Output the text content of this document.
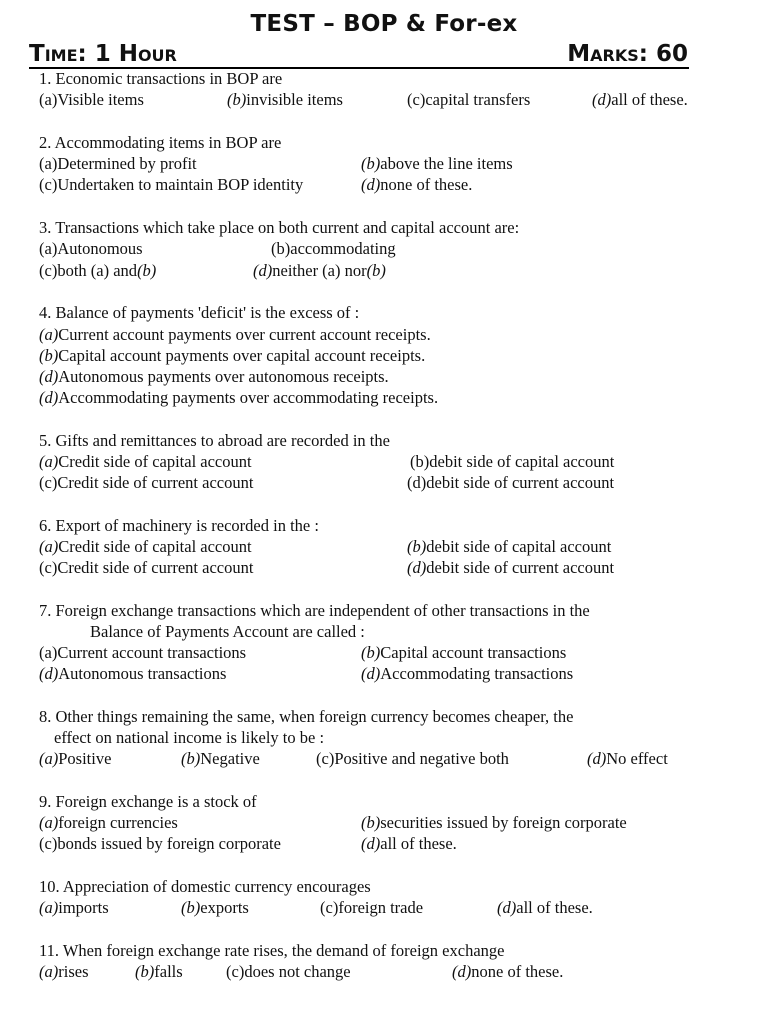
TEST – BOP & For-ex
Time: 1 Hour	Marks: 60
1. Economic transactions in BOP are
(a)Visible items	(b)invisible items	(c)capital transfers	(d)all of these.
2. Accommodating items in BOP are
(a)Determined by profit	(b)above the line items
(c)Undertaken to maintain BOP identity	(d)none of these.
3. Transactions which take place on both current and capital account are:
(a)Autonomous	(b)accommodating
(c)both (a) and(b)	(d)neither (a) nor(b)
4. Balance of payments 'deficit' is the excess of :
(a)Current account payments over current account receipts.
(b)Capital account payments over capital account receipts.
(d)Autonomous payments over autonomous receipts.
(d)Accommodating payments over accommodating receipts.
5. Gifts and remittances to abroad are recorded in the
(a)Credit side of capital account	(b)debit side of capital account
(c)Credit side of current account	(d)debit side of current account
6. Export of machinery is recorded in the :
(a)Credit side of capital account	(b)debit side of capital account
(c)Credit side of current account	(d)debit side of current account
7. Foreign exchange transactions which are independent of other transactions in the
Balance of Payments Account are called :
(a)Current account transactions	(b)Capital account transactions
(d)Autonomous transactions	(d)Accommodating transactions
8. Other things remaining the same, when foreign currency becomes cheaper, the
effect on national income is likely to be :
(a)Positive	(b)Negative	(c)Positive and negative both	(d)No effect
9. Foreign exchange is a stock of
(a)foreign currencies	(b)securities issued by foreign corporate
(c)bonds issued by foreign corporate	(d)all of these.
10. Appreciation of domestic currency encourages
(a)imports	(b)exports	(c)foreign trade	(d)all of these.
11. When foreign exchange rate rises, the demand of foreign exchange
(a)rises	(b)falls	(c)does not change	(d)none of these.
